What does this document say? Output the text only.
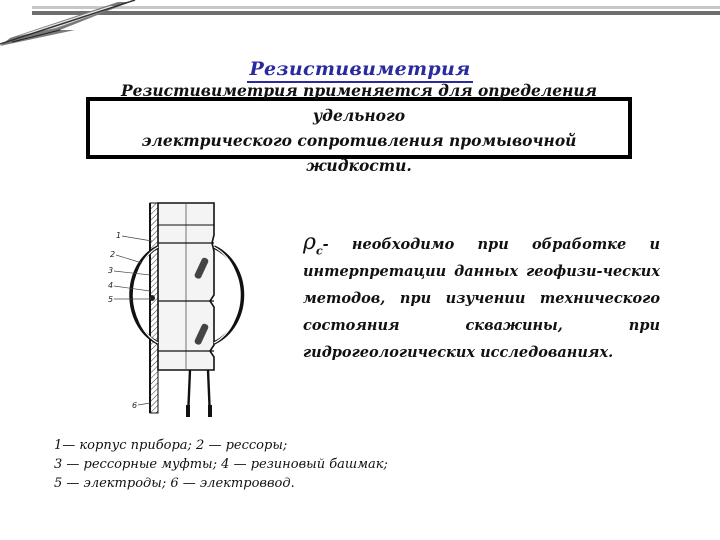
Резистивиметрия
Резистивиметрия применяется для определения удельного
электрического сопротивления промывочной жидкости.
1
2
3
4
5
6
$\rho_с-$ необходимо при обработке и интерпретации данных геофизи-ческих методов, при изучении технического состояния скважины, при гидрогеологических исследованиях.
1— корпус прибора; 2 — рессоры;
3 — рессорные муфты; 4 — резиновый башмак;
5 — электроды; 6 — электроввод.
